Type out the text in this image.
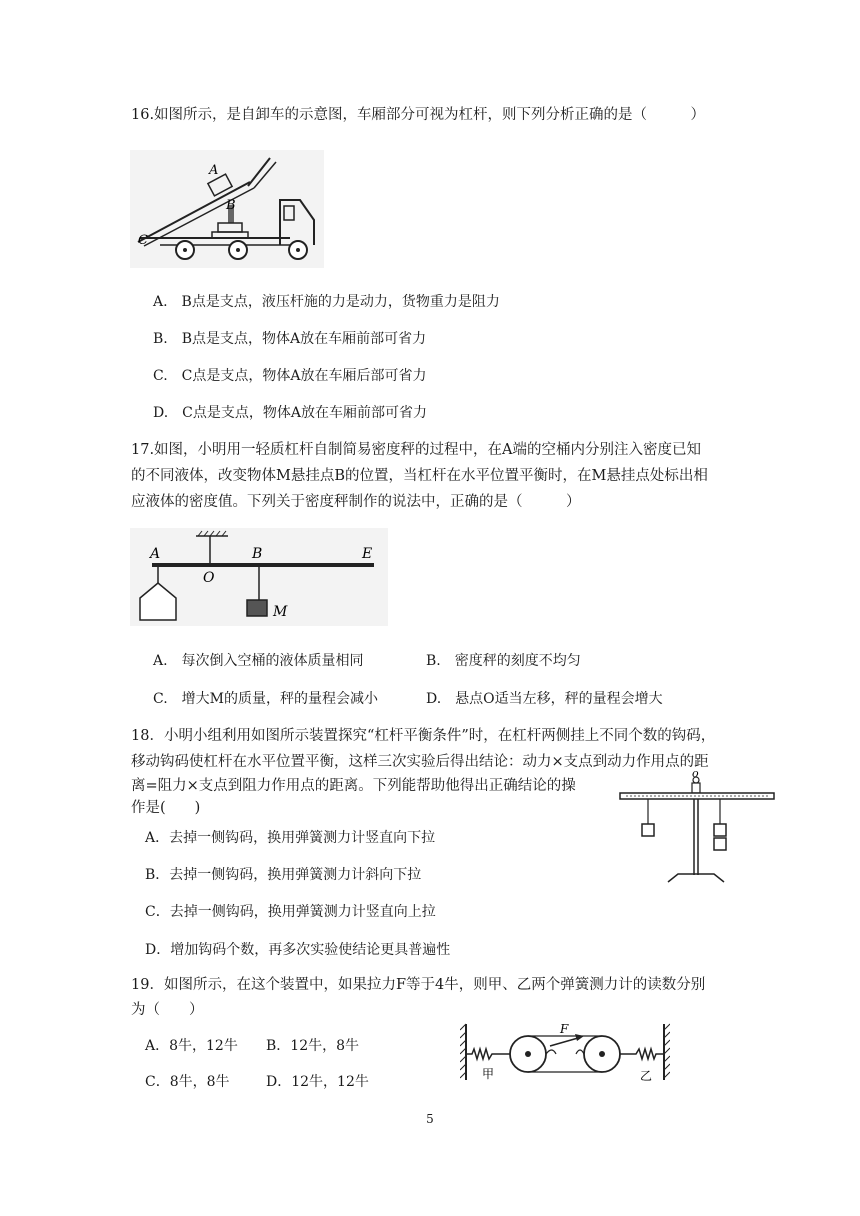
16.如图所示，是自卸车的示意图，车厢部分可视为杠杆，则下列分析正确的是（　　　）
A
B
C
A.　B点是支点，液压杆施的力是动力，货物重力是阻力
B.　B点是支点，物体A放在车厢前部可省力
C.　C点是支点，物体A放在车厢后部可省力
D.　C点是支点，物体A放在车厢前部可省力
17.如图，小明用一轻质杠杆自制简易密度秤的过程中，在A端的空桶内分别注入密度已知
的不同液体，改变物体M悬挂点B的位置，当杠杆在水平位置平衡时，在M悬挂点处标出相
应液体的密度值。下列关于密度秤制作的说法中，正确的是（　　　）
A	B	E
O
M
A.　每次倒入空桶的液体质量相同	B.　密度秤的刻度不均匀
C.　增大M的质量，秤的量程会减小	D.　悬点O适当左移，秤的量程会增大
18．小明小组利用如图所示装置探究“杠杆平衡条件”时，在杠杆两侧挂上不同个数的钩码，
移动钩码使杠杆在水平位置平衡，这样三次实验后得出结论：动力×支点到动力作用点的距
离=阻力×支点到阻力作用点的距离。下列能帮助他得出正确结论的操
作是(　　)
o
A．去掉一侧钩码，换用弹簧测力计竖直向下拉
B．去掉一侧钩码，换用弹簧测力计斜向下拉
C．去掉一侧钩码，换用弹簧测力计竖直向上拉
D．增加钩码个数，再多次实验使结论更具普遍性
19．如图所示，在这个装置中，如果拉力F等于4牛，则甲、乙两个弹簧测力计的读数分别
为（　　）
A．8牛，12牛 B．12牛，8牛
C．8牛，8牛	D．12牛，12牛
F
甲	乙
5
